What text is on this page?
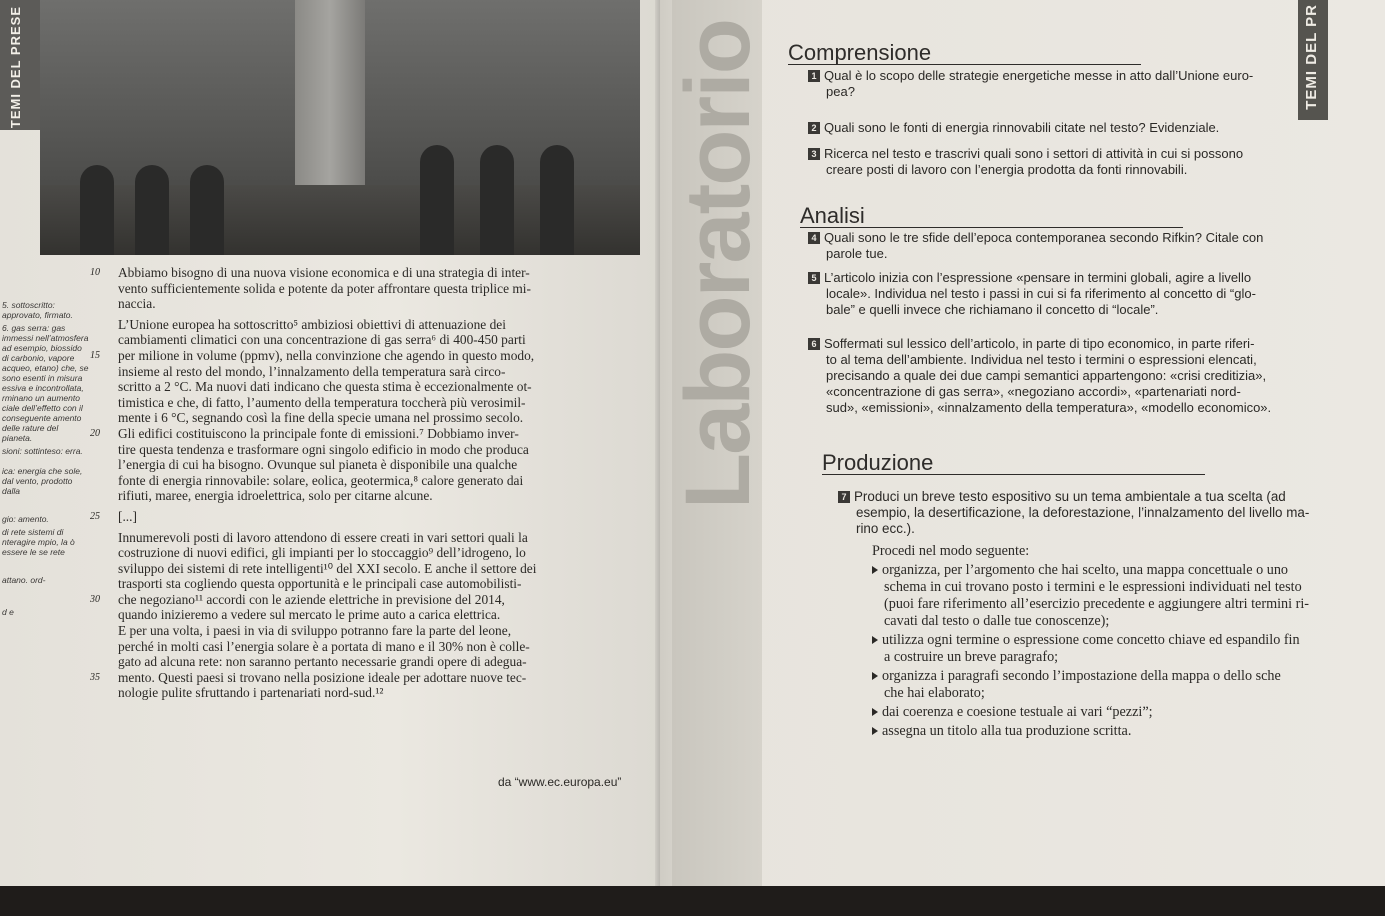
TEMI DEL PRESE
5. sottoscritto: approvato, firmato.
6. gas serra: gas immessi nell’atmosfera ad esempio, biossido di carbonio, vapore acqueo, etano) che, se sono esenti in misura essiva e incontrollata, rminano un aumento ciale dell’effetto con il conseguente amento delle rature del pianeta.
sioni: sottinteso: erra.
ica: energia che sole, dal vento, prodotto dalla
gio: amento.
di rete sistemi di nteragire mpio, la ò essere le se rete
attano. ord-
d e

10 Abbiamo bisogno di una nuova visione economica e di una strategia di inter-

vento sufficientemente solida e potente da poter affrontare questa triplice mi-

naccia.

L’Unione europea ha sottoscritto⁵ ambiziosi obiettivi di attenuazione dei

cambiamenti climatici con una concentrazione di gas serra⁶ di 400-450 parti

15 per milione in volume (ppmv), nella convinzione che agendo in questo modo,

insieme al resto del mondo, l’innalzamento della temperatura sarà circo-

scritto a 2 °C. Ma nuovi dati indicano che questa stima è eccezionalmente ot-

timistica e che, di fatto, l’aumento della temperatura toccherà più verosimil-

mente i 6 °C, segnando così la fine della specie umana nel prossimo secolo.

20 Gli edifici costituiscono la principale fonte di emissioni.⁷ Dobbiamo inver-

tire questa tendenza e trasformare ogni singolo edificio in modo che produca

l’energia di cui ha bisogno. Ovunque sul pianeta è disponibile una qualche

fonte di energia rinnovabile: solare, eolica, geotermica,⁸ calore generato dai

rifiuti, maree, energia idroelettrica, solo per citarne alcune.

25 [...]

Innumerevoli posti di lavoro attendono di essere creati in vari settori quali la

costruzione di nuovi edifici, gli impianti per lo stoccaggio⁹ dell’idrogeno, lo

sviluppo dei sistemi di rete intelligenti¹⁰ del XXI secolo. E anche il settore dei

trasporti sta cogliendo questa opportunità e le principali case automobilisti-

30 che negoziano¹¹ accordi con le aziende elettriche in previsione del 2014,

quando inizieremo a vedere sul mercato le prime auto a carica elettrica.

E per una volta, i paesi in via di sviluppo potranno fare la parte del leone,

perché in molti casi l’energia solare è a portata di mano e il 30% non è colle-

gato ad alcuna rete: non saranno pertanto necessarie grandi opere di adegua-

35 mento. Questi paesi si trovano nella posizione ideale per adottare nuove tec-

nologie pulite sfruttando i partenariati nord-sud.¹²

da “www.ec.europa.eu”
Laboratorio	TEMI DEL PR
Comprensione
1 Qual è lo scopo delle strategie energetiche messe in atto dall’Unione euro-
pea?
2 Quali sono le fonti di energia rinnovabili citate nel testo? Evidenziale.
3 Ricerca nel testo e trascrivi quali sono i settori di attività in cui si possono
creare posti di lavoro con l’energia prodotta da fonti rinnovabili.
Analisi
4 Quali sono le tre sfide dell’epoca contemporanea secondo Rifkin? Citale con
parole tue.
5 L’articolo inizia con l’espressione «pensare in termini globali, agire a livello
locale». Individua nel testo i passi in cui si fa riferimento al concetto di “glo-
bale” e quelli invece che richiamano il concetto di “locale”.
6 Soffermati sul lessico dell’articolo, in parte di tipo economico, in parte riferi-
to al tema dell’ambiente. Individua nel testo i termini o espressioni elencati,
precisando a quale dei due campi semantici appartengono: «crisi creditizia»,
«concentrazione di gas serra», «negoziano accordi», «partenariati nord-
sud», «emissioni», «innalzamento della temperatura», «modello economico».
Produzione
7 Produci un breve testo espositivo su un tema ambientale a tua scelta (ad
esempio, la desertificazione, la deforestazione, l’innalzamento del livello ma-
rino ecc.).
Procedi nel modo seguente:
organizza, per l’argomento che hai scelto, una mappa concettuale o uno
schema in cui trovano posto i termini e le espressioni individuati nel testo
(puoi fare riferimento all’esercizio precedente e aggiungere altri termini ri-
cavati dal testo o dalle tue conoscenze);
utilizza ogni termine o espressione come concetto chiave ed espandilo fin
a costruire un breve paragrafo;
organizza i paragrafi secondo l’impostazione della mappa o dello sche
che hai elaborato;
dai coerenza e coesione testuale ai vari “pezzi”;
assegna un titolo alla tua produzione scritta.
